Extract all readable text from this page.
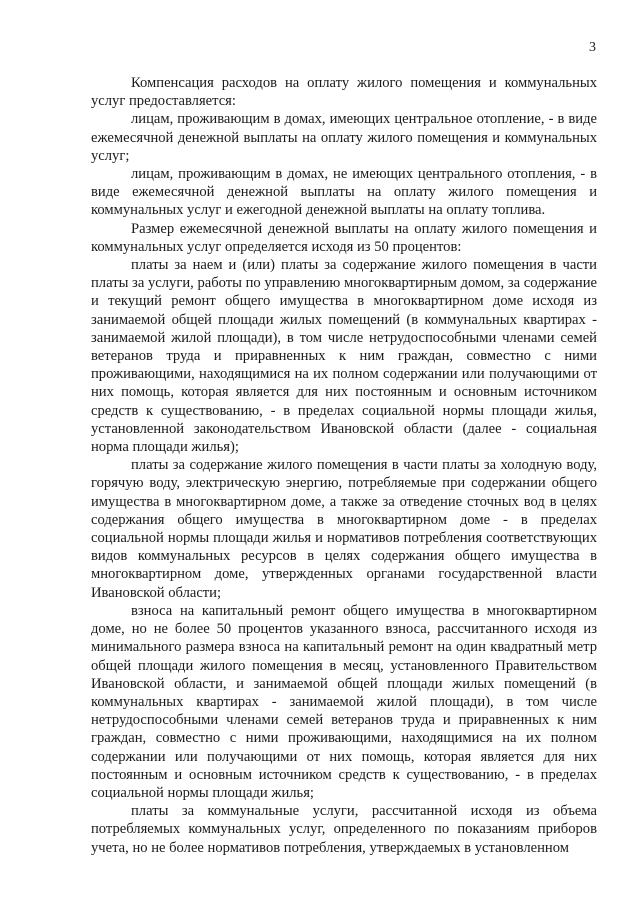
3

Компенсация расходов на оплату жилого помещения и коммунальных услуг предоставляется:

лицам, проживающим в домах, имеющих центральное отопление, - в виде ежемесячной денежной выплаты на оплату жилого помещения и коммунальных услуг;

лицам, проживающим в домах, не имеющих центрального отопления, - в виде ежемесячной денежной выплаты на оплату жилого помещения и коммунальных услуг и ежегодной денежной выплаты на оплату топлива.

Размер ежемесячной денежной выплаты на оплату жилого помещения и коммунальных услуг определяется исходя из 50 процентов:

платы за наем и (или) платы за содержание жилого помещения в части платы за услуги, работы по управлению многоквартирным домом, за содержание и текущий ремонт общего имущества в многоквартирном доме исходя из занимаемой общей площади жилых помещений (в коммунальных квартирах - занимаемой жилой площади), в том числе нетрудоспособными членами семей ветеранов труда и приравненных к ним граждан, совместно с ними проживающими, находящимися на их полном содержании или получающими от них помощь, которая является для них постоянным и основным источником средств к существованию, - в пределах социальной нормы площади жилья, установленной законодательством Ивановской области (далее - социальная норма площади жилья);

платы за содержание жилого помещения в части платы за холодную воду, горячую воду, электрическую энергию, потребляемые при содержании общего имущества в многоквартирном доме, а также за отведение сточных вод в целях содержания общего имущества в многоквартирном доме - в пределах социальной нормы площади жилья и нормативов потребления соответствующих видов коммунальных ресурсов в целях содержания общего имущества в многоквартирном доме, утвержденных органами государственной власти Ивановской области;

взноса на капитальный ремонт общего имущества в многоквартирном доме, но не более 50 процентов указанного взноса, рассчитанного исходя из минимального размера взноса на капитальный ремонт на один квадратный метр общей площади жилого помещения в месяц, установленного Правительством Ивановской области, и занимаемой общей площади жилых помещений (в коммунальных квартирах - занимаемой жилой площади), в том числе нетрудоспособными членами семей ветеранов труда и приравненных к ним граждан, совместно с ними проживающими, находящимися на их полном содержании или получающими от них помощь, которая является для них постоянным и основным источником средств к существованию, - в пределах социальной нормы площади жилья;

платы за коммунальные услуги, рассчитанной исходя из объема потребляемых коммунальных услуг, определенного по показаниям приборов учета, но не более нормативов потребления, утверждаемых в установленном
